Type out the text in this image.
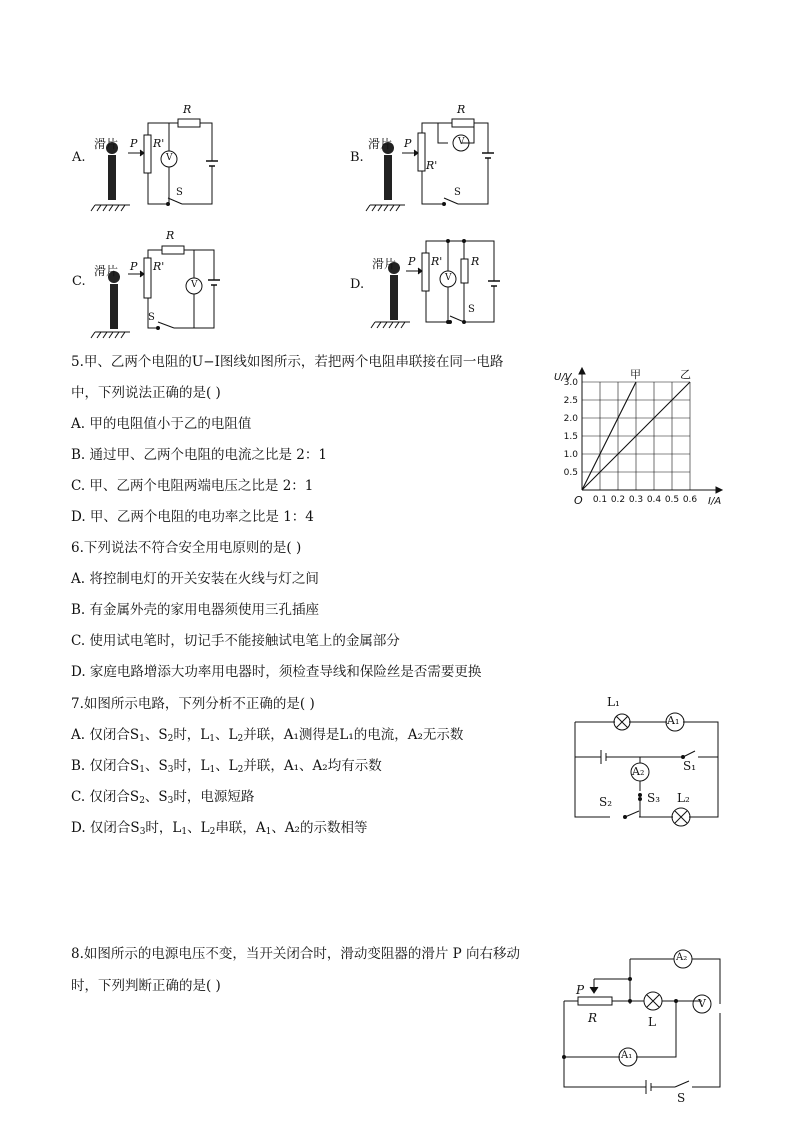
A.
滑片 P R'
R
S
V	B.
滑片 P
R'
R
S
V
C.
滑片 P R'
R
S
V	D.
滑片 P R'	R
S
V
5.甲、乙两个电阻的U−I图线如图所示，若把两个电阻串联接在同一电路
中，下列说法正确的是( )
A. 甲的电阻值小于乙的电阻值
B. 通过甲、乙两个电阻的电流之比是 2：1
C. 甲、乙两个电阻两端电压之比是 2：1
D. 甲、乙两个电阻的电功率之比是 1：4
0.1 0.2 0.3 0.4 0.5 0.6
0.5
1.0
1.5
2.0
2.5
3.0
O
U/V
I/A
甲	乙
6.下列说法不符合安全用电原则的是( )
A. 将控制电灯的开关安装在火线与灯之间
B. 有金属外壳的家用电器须使用三孔插座
C. 使用试电笔时，切记手不能接触试电笔上的金属部分
D. 家庭电路增添大功率用电器时，须检查导线和保险丝是否需要更换
7.如图所示电路，下列分析不正确的是( )
A. 仅闭合$S_1$、$S_2$时，$L_1$、$L_2$并联，A₁测得是L₁的电流，A₂无示数
B. 仅闭合$S_1$、$S_3$时，$L_1$、$L_2$并联，A₁、A₂均有示数
C. 仅闭合$S_2$、$S_3$时，电源短路
D. 仅闭合$S_3$时，$L_1$、$L_2$串联，$A_1$、A₂的示数相等
L₁
A₁
A₂	S₁
S₂	S₃ L₂
8.如图所示的电源电压不变，当开关闭合时，滑动变阻器的滑片 P 向右移动
时，下列判断正确的是( )	P
R	L
V
A₁
A₂
S
